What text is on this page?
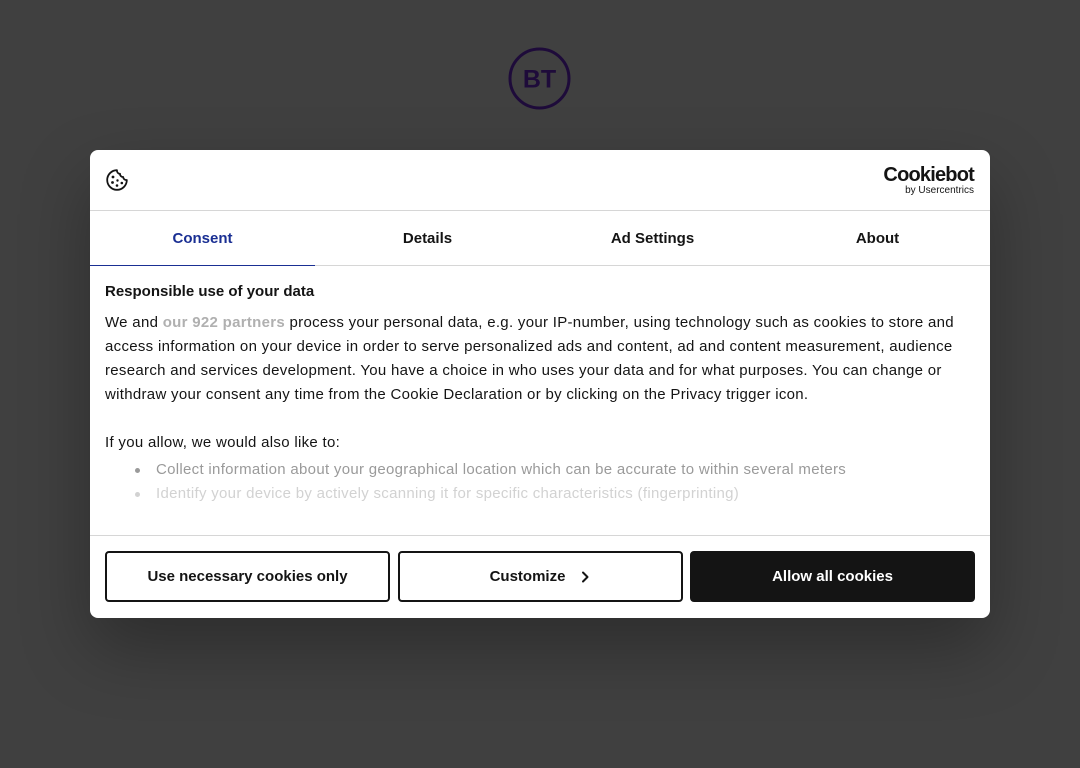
BT
Cookiebot
by Usercentrics
Consent	Details	Ad Settings	About
Responsible use of your data

We and our 922 partners process your personal data, e.g. your IP-number, using technology such as cookies to store and access information on your device in order to serve personalized ads and content, ad and content measurement, audience research and services development. You have a choice in who uses your data and for what purposes. You can change or withdraw your consent any time from the Cookie Declaration or by clicking on the Privacy trigger icon.

If you allow, we would also like to:

Collect information about your geographical location which can be accurate to within several meters
Identify your device by actively scanning it for specific characteristics (fingerprinting)
Use necessary cookies only	Customize	Allow all cookies
